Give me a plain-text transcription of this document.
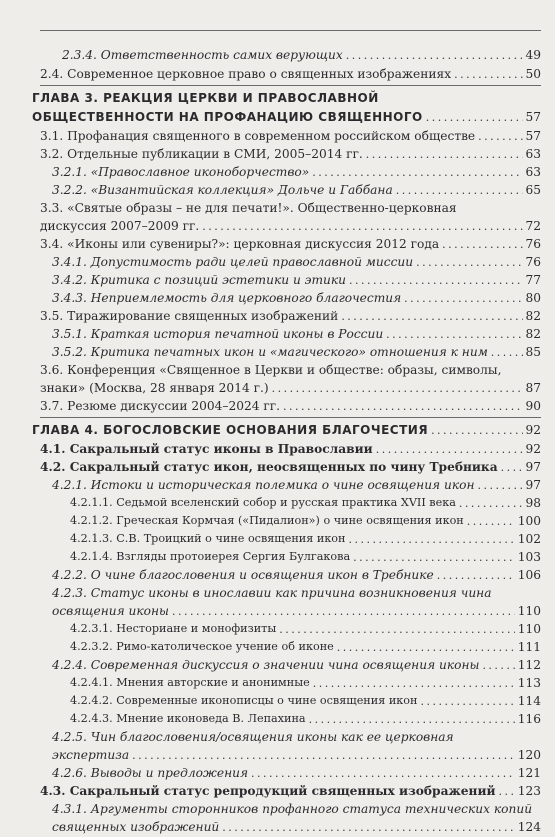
2.3.4. Ответственность самих верующих	49
. . .
2.4. Современное церковное право о священных изображениях	50
. . .
ГЛАВА 3. РЕАКЦИЯ ЦЕРКВИ И ПРАВОСЛАВНОЙ
ОБЩЕСТВЕННОСТИ НА ПРОФАНАЦИЮ СВЯЩЕННОГО	57
. . .
3.1. Профанация священного в современном российском обществе	57
. . .
3.2. Отдельные публикации в СМИ, 2005–2014 гг.	63
. . .
3.2.1. «Православное иконоборчество»	63
. . .
3.2.2. «Византийская коллекция» Дольче и Габбана	65
. . .
3.3. «Святые образы – не для печати!». Общественно-церковная
дискуссия 2007–2009 гг.	72
. . .
3.4. «Иконы или сувениры?»: церковная дискуссия 2012 года	76
. . .
3.4.1. Допустимость ради целей православной миссии	76
. . .
3.4.2. Критика с позиций эстетики и этики	77
. . .
3.4.3. Неприемлемость для церковного благочестия	80
. . .
3.5. Тиражирование священных изображений	82
. . .
3.5.1. Краткая история печатной иконы в России	82
. . .
3.5.2. Критика печатных икон и «магического» отношения к ним	85
. . .
3.6. Конференция «Священное в Церкви и обществе: образы, символы,
знаки» (Москва, 28 января 2014 г.)	87
. . .
3.7. Резюме дискуссии 2004–2024 гг.	90
. . .
ГЛАВА 4. БОГОСЛОВСКИЕ ОСНОВАНИЯ БЛАГОЧЕСТИЯ	92
. . .
4.1. Сакральный статус иконы в Православии	92
. . .
4.2. Сакральный статус икон, неосвященных по чину Требника	97
. . .
4.2.1. Истоки и историческая полемика о чине освящения икон	97
. . .
4.2.1.1. Седьмой вселенский собор и русская практика XVII века	98
. . .
4.2.1.2. Греческая Кормчая («Пидалион») о чине освящения икон	100
. . .
4.2.1.3. С.В. Троицкий о чине освящения икон	102
. . .
4.2.1.4. Взгляды протоиерея Сергия Булгакова	103
. . .
4.2.2. О чине благословения и освящения икон в Требнике	106
. . .
4.2.3. Статус иконы в инославии как причина возникновения чина
освящения иконы	110
. . .
4.2.3.1. Несториане и монофизиты	110
. . .
4.2.3.2. Римо-католическое учение об иконе	111
. . .
4.2.4. Современная дискуссия о значении чина освящения иконы	112
. . .
4.2.4.1. Мнения авторские и анонимные	113
. . .
4.2.4.2. Современные иконописцы о чине освящения икон	114
. . .
4.2.4.3. Мнение иконоведа В. Лепахина	116
. . .
4.2.5. Чин благословения/освящения иконы как ее церковная
экспертиза	120
. . .
4.2.6. Выводы и предложения	121
. . .
4.3. Сакральный статус репродукций священных изображений	123
. . .
4.3.1. Аргументы сторонников профанного статуса технических копий
священных изображений	124
. . .
